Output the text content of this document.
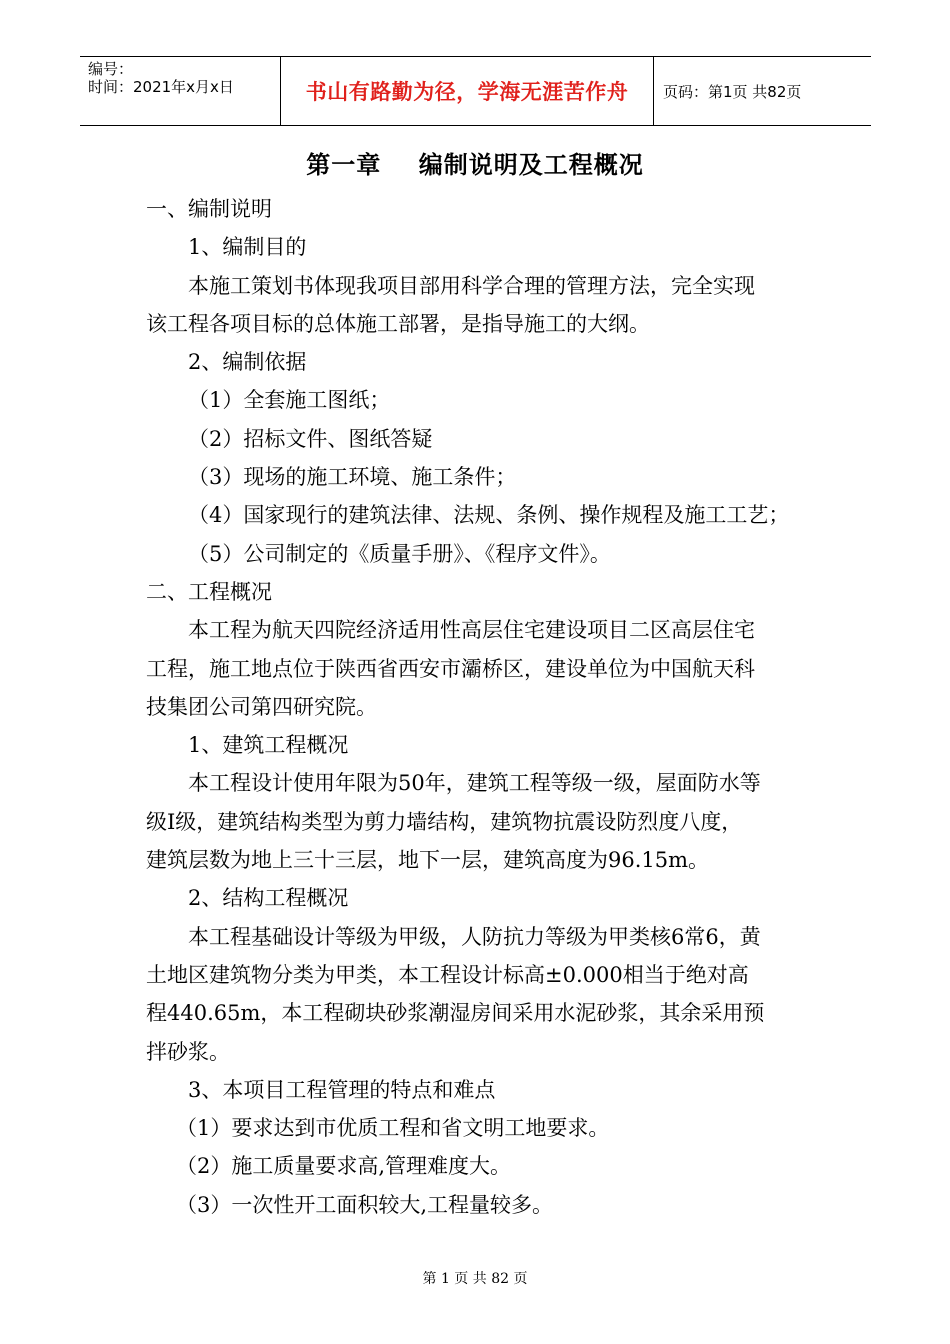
编号：
时间：2021年x月x日	书山有路勤为径，学海无涯苦作舟 页码：第1页 共82页
第一章    编制说明及工程概况
一、编制说明
1、编制目的
本施工策划书体现我项目部用科学合理的管理方法，完全实现
该工程各项目标的总体施工部署，是指导施工的大纲。
2、编制依据
（1）全套施工图纸；
（2）招标文件、图纸答疑
（3）现场的施工环境、施工条件；
（4）国家现行的建筑法律、法规、条例、操作规程及施工工艺；
（5）公司制定的《质量手册》、《程序文件》。
二、工程概况
本工程为航天四院经济适用性高层住宅建设项目二区高层住宅
工程，施工地点位于陕西省西安市灞桥区，建设单位为中国航天科
技集团公司第四研究院。
1、建筑工程概况
本工程设计使用年限为50年，建筑工程等级一级，屋面防水等
级Ⅰ级，建筑结构类型为剪力墙结构，建筑物抗震设防烈度八度，
建筑层数为地上三十三层，地下一层，建筑高度为96.15m。
2、结构工程概况
本工程基础设计等级为甲级，人防抗力等级为甲类核6常6，黄
土地区建筑物分类为甲类，本工程设计标高±0.000相当于绝对高
程440.65m，本工程砌块砂浆潮湿房间采用水泥砂浆，其余采用预
拌砂浆。
3、本项目工程管理的特点和难点
（1）要求达到市优质工程和省文明工地要求。
（2）施工质量要求高,管理难度大。
（3）一次性开工面积较大,工程量较多。
第 1 页 共 82 页
